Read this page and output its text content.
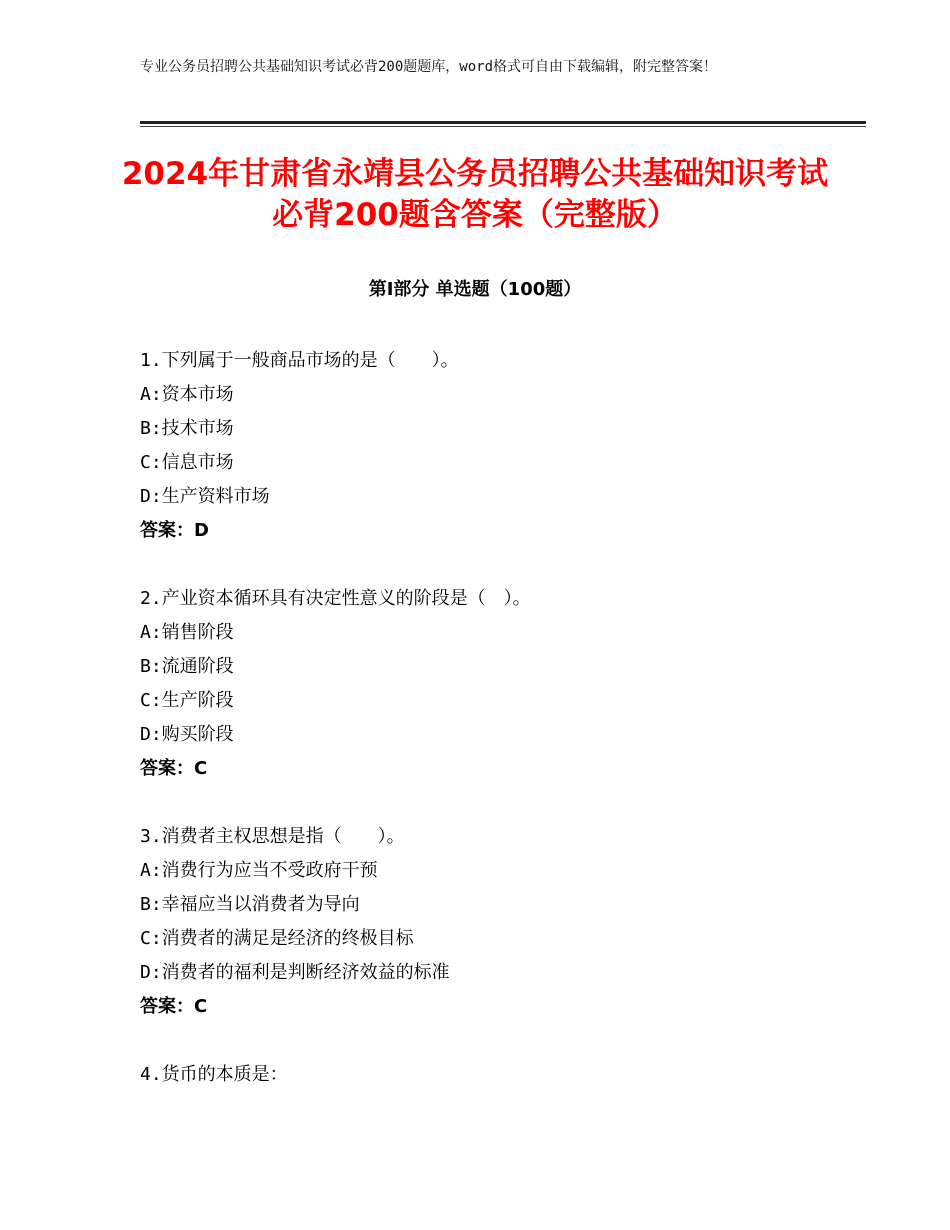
专业公务员招聘公共基础知识考试必背200题题库，word格式可自由下载编辑，附完整答案！
2024年甘肃省永靖县公务员招聘公共基础知识考试必背200题含答案（完整版）
第Ⅰ部分 单选题（100题）
1.下列属于一般商品市场的是（　　）。
A:资本市场
B:技术市场
C:信息市场
D:生产资料市场
答案：D
2.产业资本循环具有决定性意义的阶段是（　）。
A:销售阶段
B:流通阶段
C:生产阶段
D:购买阶段
答案：C
3.消费者主权思想是指（　　）。
A:消费行为应当不受政府干预
B:幸福应当以消费者为导向
C:消费者的满足是经济的终极目标
D:消费者的福利是判断经济效益的标准
答案：C
4.货币的本质是：
